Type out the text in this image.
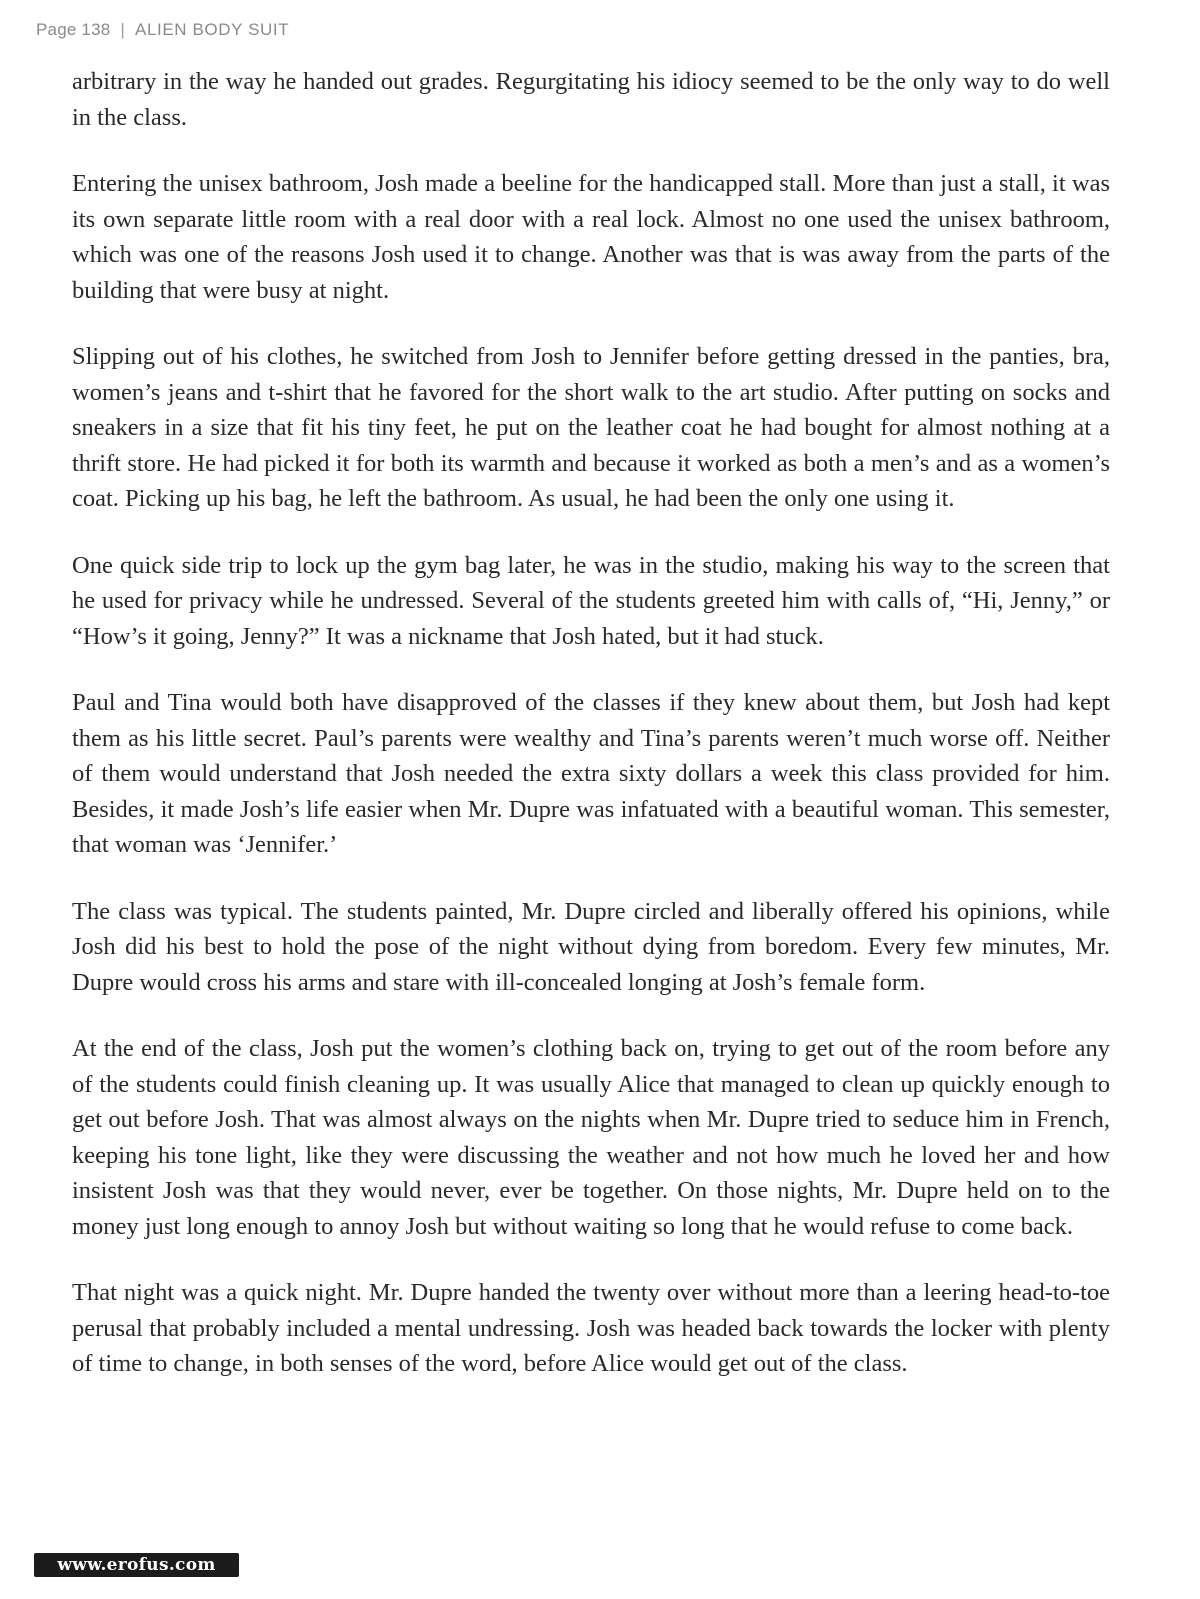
Page 138 | ALIEN BODY SUIT

arbitrary in the way he handed out grades. Regurgitating his idiocy seemed to be the only way to do well in the class.

Entering the unisex bathroom, Josh made a beeline for the handicapped stall. More than just a stall, it was its own separate little room with a real door with a real lock. Almost no one used the unisex bathroom, which was one of the reasons Josh used it to change. Another was that is was away from the parts of the building that were busy at night.

Slipping out of his clothes, he switched from Josh to Jennifer before getting dressed in the panties, bra, women’s jeans and t-shirt that he favored for the short walk to the art studio. After putting on socks and sneakers in a size that fit his tiny feet, he put on the leather coat he had bought for almost nothing at a thrift store. He had picked it for both its warmth and because it worked as both a men’s and as a women’s coat. Picking up his bag, he left the bathroom. As usual, he had been the only one using it.

One quick side trip to lock up the gym bag later, he was in the studio, making his way to the screen that he used for privacy while he undressed. Several of the students greeted him with calls of, “Hi, Jenny,” or “How’s it going, Jenny?” It was a nickname that Josh hated, but it had stuck.

Paul and Tina would both have disapproved of the classes if they knew about them, but Josh had kept them as his little secret. Paul’s parents were wealthy and Tina’s parents weren’t much worse off. Neither of them would understand that Josh needed the extra sixty dollars a week this class provided for him. Besides, it made Josh’s life easier when Mr. Dupre was infatuated with a beautiful woman. This semester, that woman was ‘Jennifer.’

The class was typical. The students painted, Mr. Dupre circled and liberally offered his opinions, while Josh did his best to hold the pose of the night without dying from boredom. Every few minutes, Mr. Dupre would cross his arms and stare with ill-concealed longing at Josh’s female form.

At the end of the class, Josh put the women’s clothing back on, trying to get out of the room before any of the students could finish cleaning up. It was usually Alice that managed to clean up quickly enough to get out before Josh. That was almost always on the nights when Mr. Dupre tried to seduce him in French, keeping his tone light, like they were discussing the weather and not how much he loved her and how insistent Josh was that they would never, ever be together. On those nights, Mr. Dupre held on to the money just long enough to annoy Josh but without waiting so long that he would refuse to come back.

That night was a quick night. Mr. Dupre handed the twenty over without more than a leering head-to-toe perusal that probably included a mental undressing. Josh was headed back towards the locker with plenty of time to change, in both senses of the word, before Alice would get out of the class.

www.erofus.com
